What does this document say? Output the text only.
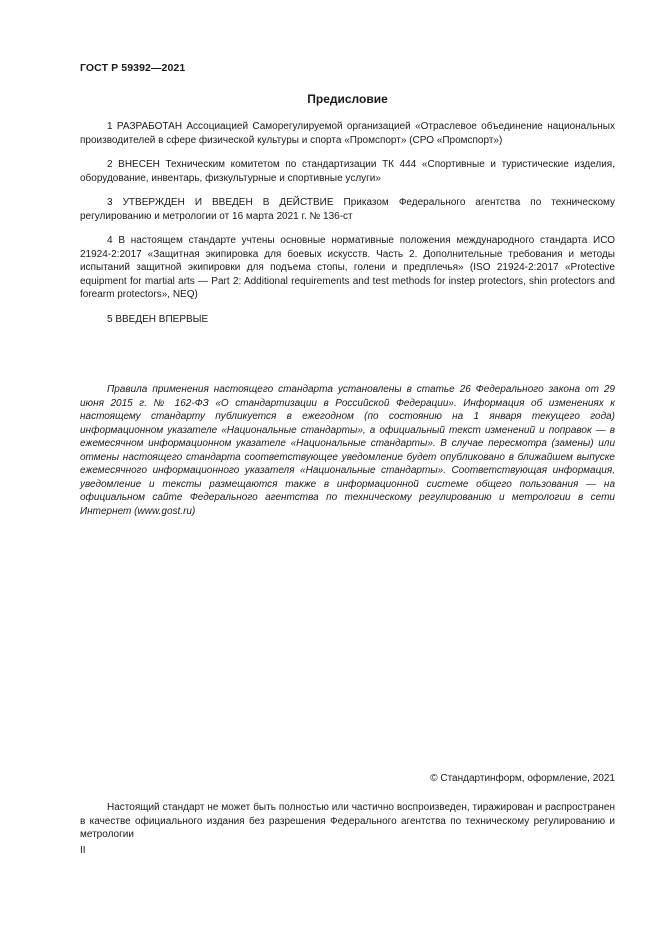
ГОСТ Р 59392—2021
Предисловие

1 РАЗРАБОТАН Ассоциацией Саморегулируемой организацией «Отраслевое объединение национальных производителей в сфере физической культуры и спорта «Промспорт» (СРО «Промспорт»)

2 ВНЕСЕН Техническим комитетом по стандартизации ТК 444 «Спортивные и туристические изделия, оборудование, инвентарь, физкультурные и спортивные услуги»

3 УТВЕРЖДЕН И ВВЕДЕН В ДЕЙСТВИЕ Приказом Федерального агентства по техническому регулированию и метрологии от 16 марта 2021 г. № 136-ст

4 В настоящем стандарте учтены основные нормативные положения международного стандарта ИСО 21924-2:2017 «Защитная экипировка для боевых искусств. Часть 2. Дополнительные требования и методы испытаний защитной экипировки для подъема стопы, голени и предплечья» (ISO 21924-2:2017 «Protective equipment for martial arts — Part 2: Additional requirements and test methods for instep protectors, shin protectors and forearm protectors», NEQ)

5 ВВЕДЕН ВПЕРВЫЕ

Правила применения настоящего стандарта установлены в статье 26 Федерального закона от 29 июня 2015 г. № 162-ФЗ «О стандартизации в Российской Федерации». Информация об изменениях к настоящему стандарту публикуется в ежегодном (по состоянию на 1 января текущего года) информационном указателе «Национальные стандарты», а официальный текст изменений и поправок — в ежемесячном информационном указателе «Национальные стандарты». В случае пересмотра (замены) или отмены настоящего стандарта соответствующее уведомление будет опубликовано в ближайшем выпуске ежемесячного информационного указателя «Национальные стандарты». Соответствующая информация, уведомление и тексты размещаются также в информационной системе общего пользования — на официальном сайте Федерального агентства по техническому регулированию и метрологии в сети Интернет (www.gost.ru)
© Стандартинформ, оформление, 2021
Настоящий стандарт не может быть полностью или частично воспроизведен, тиражирован и распространен в качестве официального издания без разрешения Федерального агентства по техническому регулированию и метрологии
II
